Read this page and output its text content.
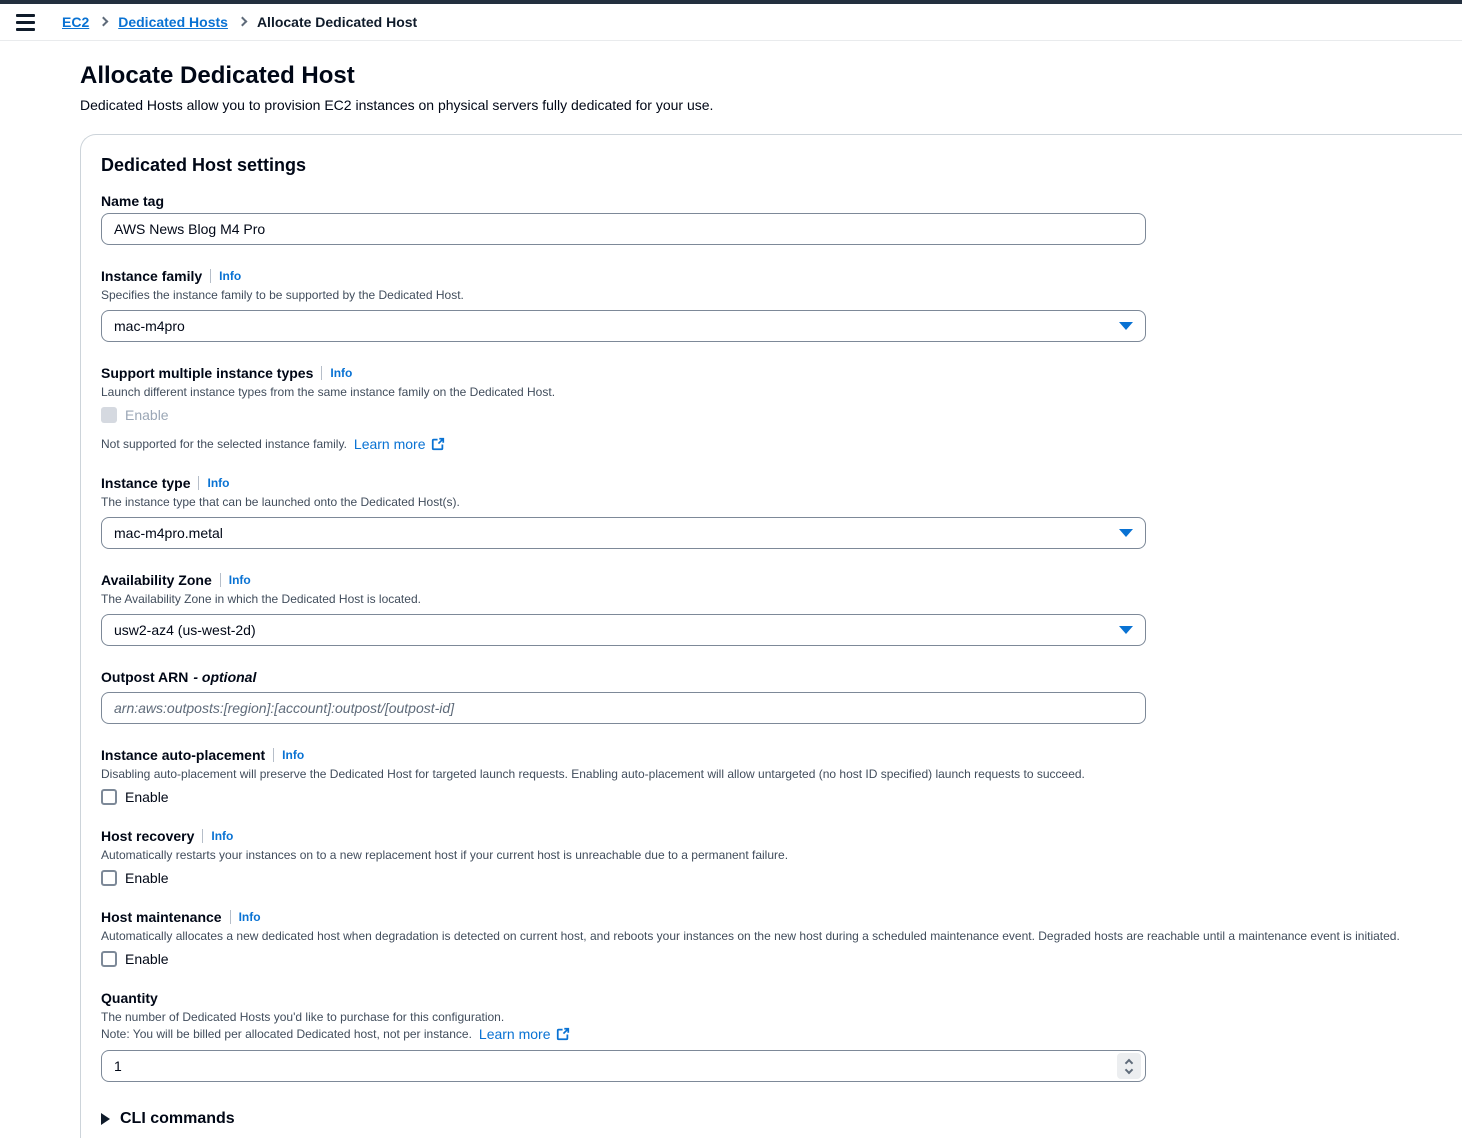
EC2 Dedicated Hosts Allocate Dedicated Host
Allocate Dedicated Host
Dedicated Hosts allow you to provision EC2 instances on physical servers fully dedicated for your use.
Dedicated Host settings
Name tag
AWS News Blog M4 Pro
Instance family Info
Specifies the instance family to be supported by the Dedicated Host.
mac-m4pro
Support multiple instance types Info
Launch different instance types from the same instance family on the Dedicated Host.
Enable
Not supported for the selected instance family. Learn more
Instance type Info
The instance type that can be launched onto the Dedicated Host(s).
mac-m4pro.metal
Availability Zone Info
The Availability Zone in which the Dedicated Host is located.
usw2-az4 (us-west-2d)
Outpost ARN - optional
arn:aws:outposts:[region]:[account]:outpost/[outpost-id]
Instance auto-placement Info
Disabling auto-placement will preserve the Dedicated Host for targeted launch requests. Enabling auto-placement will allow untargeted (no host ID specified) launch requests to succeed.
Enable
Host recovery Info
Automatically restarts your instances on to a new replacement host if your current host is unreachable due to a permanent failure.
Enable
Host maintenance Info
Automatically allocates a new dedicated host when degradation is detected on current host, and reboots your instances on the new host during a scheduled maintenance event. Degraded hosts are reachable until a maintenance event is initiated.
Enable
Quantity
The number of Dedicated Hosts you'd like to purchase for this configuration.
Note: You will be billed per allocated Dedicated host, not per instance. Learn more
1
CLI commands
